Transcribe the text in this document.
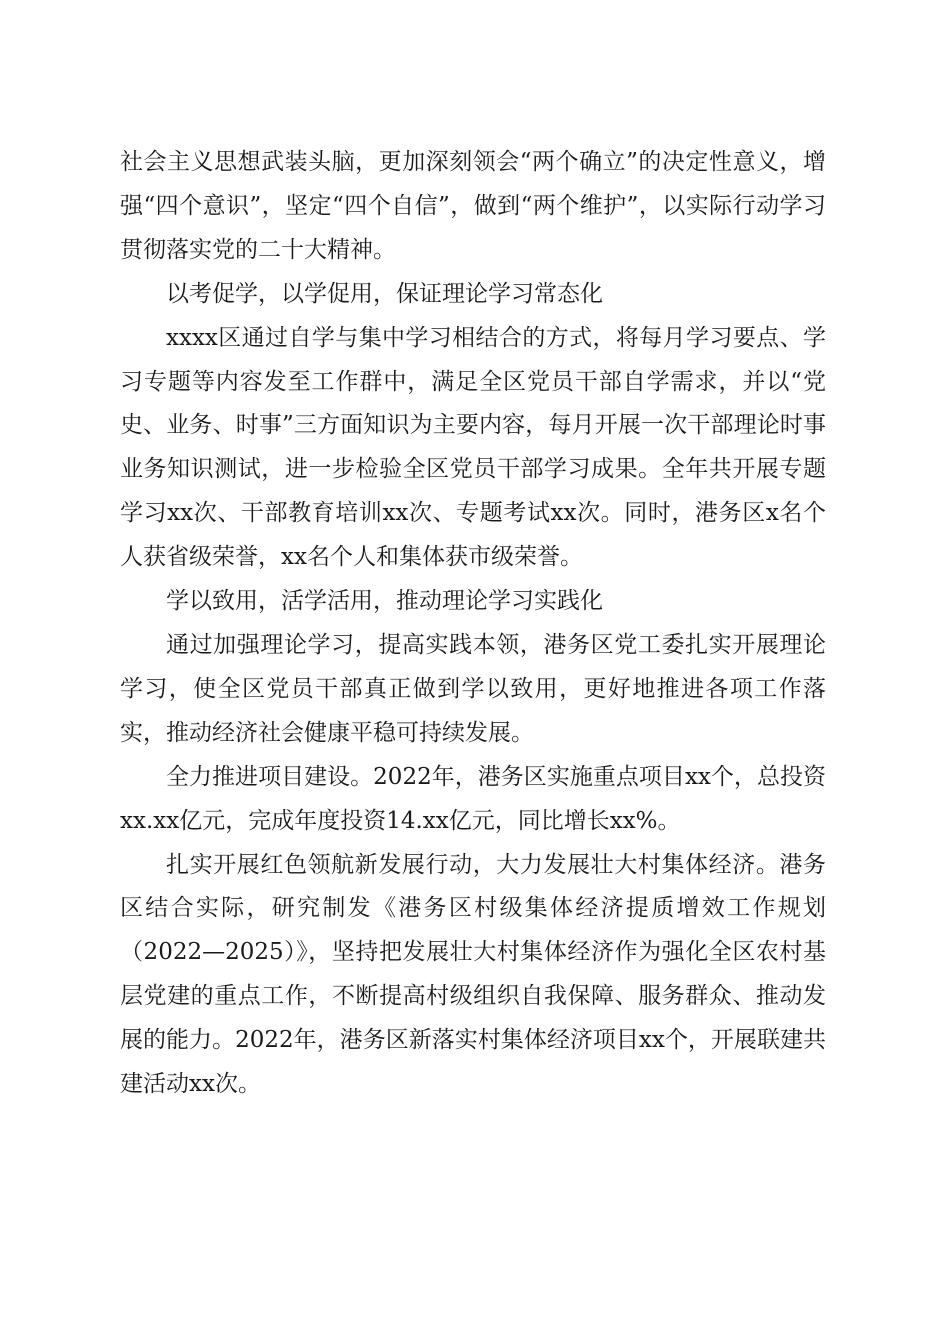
社会主义思想武装头脑，更加深刻领会“两个确立”的决定性意义，增强“四个意识”，坚定“四个自信”，做到“两个维护”，以实际行动学习贯彻落实党的二十大精神。

以考促学，以学促用，保证理论学习常态化

xxxx区通过自学与集中学习相结合的方式，将每月学习要点、学习专题等内容发至工作群中，满足全区党员干部自学需求，并以“党史、业务、时事”三方面知识为主要内容，每月开展一次干部理论时事业务知识测试，进一步检验全区党员干部学习成果。全年共开展专题学习xx次、干部教育培训xx次、专题考试xx次。同时，港务区x名个人获省级荣誉，xx名个人和集体获市级荣誉。

学以致用，活学活用，推动理论学习实践化

通过加强理论学习，提高实践本领，港务区党工委扎实开展理论学习，使全区党员干部真正做到学以致用，更好地推进各项工作落实，推动经济社会健康平稳可持续发展。

全力推进项目建设。2022年，港务区实施重点项目xx个，总投资xx.xx亿元，完成年度投资14.xx亿元，同比增长xx%。

扎实开展红色领航新发展行动，大力发展壮大村集体经济。港务区结合实际，研究制发《港务区村级集体经济提质增效工作规划（2022—2025）》，坚持把发展壮大村集体经济作为强化全区农村基层党建的重点工作，不断提高村级组织自我保障、服务群众、推动发展的能力。2022年，港务区新落实村集体经济项目xx个，开展联建共建活动xx次。
